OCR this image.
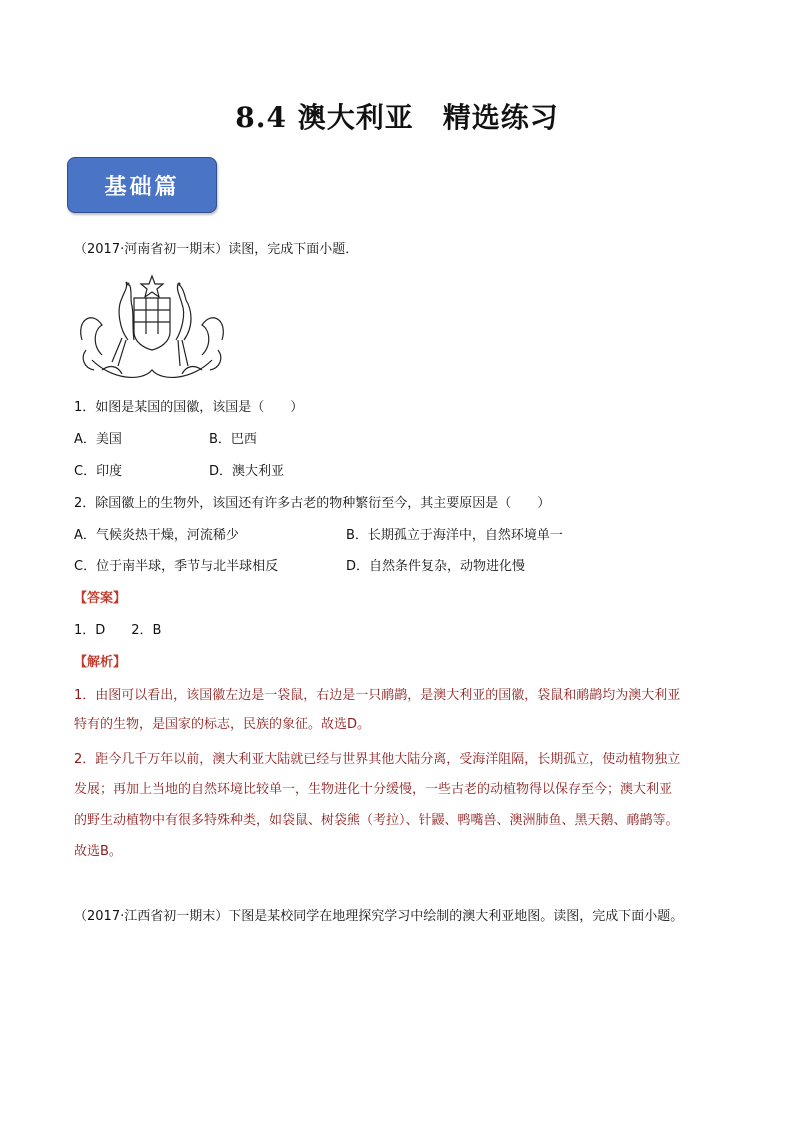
8.4 澳大利亚　精选练习
基础篇
（2017·河南省初一期末）读图，完成下面小题．
1．如图是某国的国徽，该国是（　　）
A．美国	B．巴西
C．印度	D．澳大利亚
2．除国徽上的生物外，该国还有许多古老的物种繁衍至今，其主要原因是（　　）
A．气候炎热干燥，河流稀少	B．长期孤立于海洋中，自然环境单一
C．位于南半球，季节与北半球相反	D．自然条件复杂，动物进化慢
【答案】
1．D　　2．B
【解析】
1．由图可以看出，该国徽左边是一袋鼠，右边是一只鸸鹋，是澳大利亚的国徽，袋鼠和鸸鹋均为澳大利亚
特有的生物，是国家的标志，民族的象征。故选D。
2．距今几千万年以前，澳大利亚大陆就已经与世界其他大陆分离，受海洋阻隔，长期孤立，使动植物独立
发展；再加上当地的自然环境比较单一，生物进化十分缓慢，一些古老的动植物得以保存至今；澳大利亚
的野生动植物中有很多特殊种类，如袋鼠、树袋熊（考拉）、针鼹、鸭嘴兽、澳洲肺鱼、黑天鹅、鸸鹋等。
故选B。
（2017·江西省初一期末）下图是某校同学在地理探究学习中绘制的澳大利亚地图。读图，完成下面小题。
